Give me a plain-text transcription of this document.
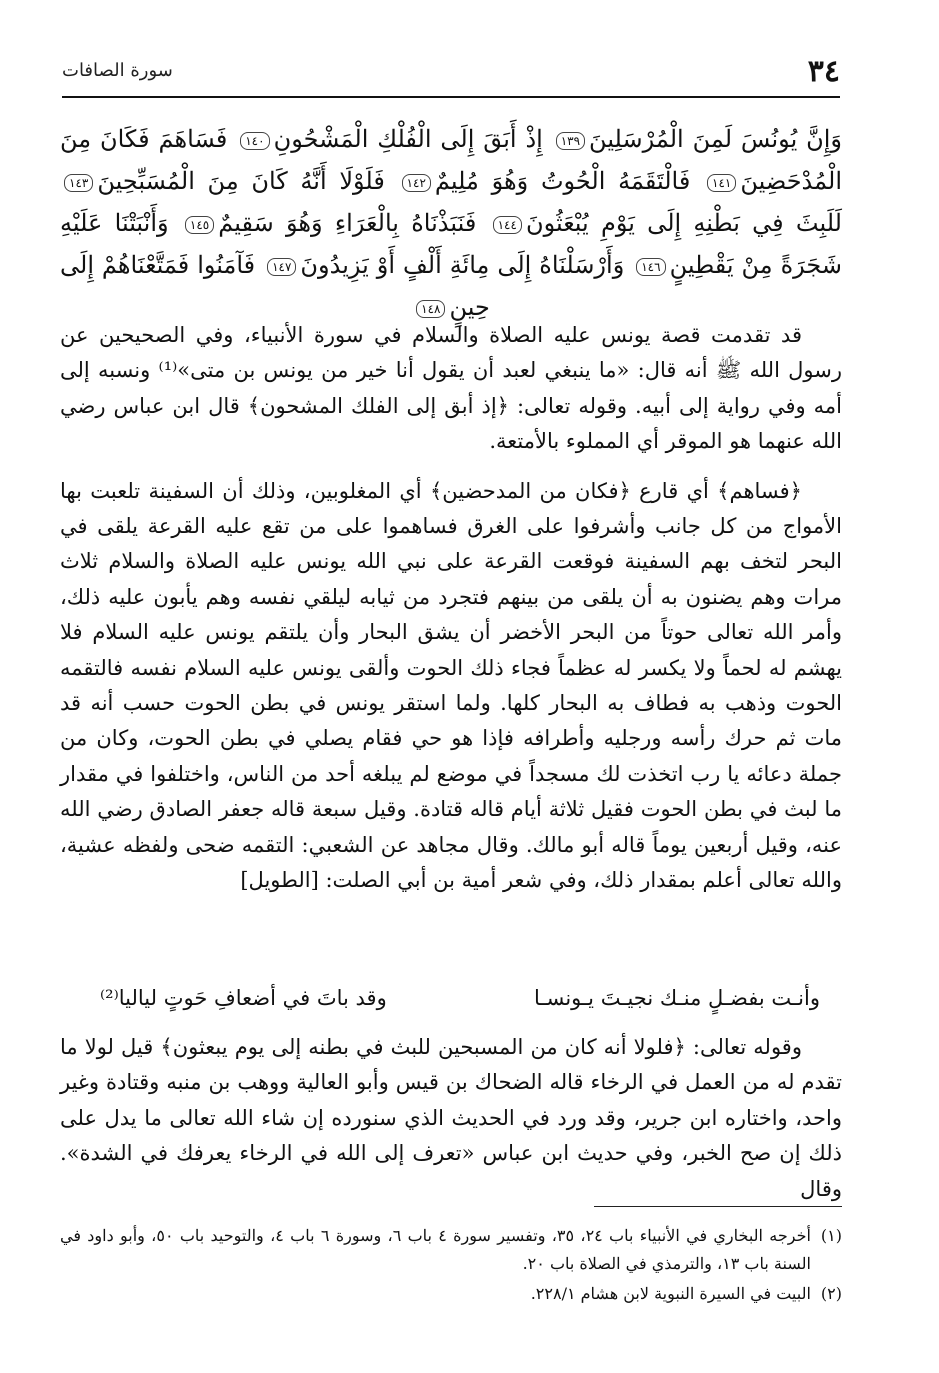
٣٤
سورة الصافات
وَإِنَّ يُونُسَ لَمِنَ الْمُرْسَلِينَ١٣٩ إِذْ أَبَقَ إِلَى الْفُلْكِ الْمَشْحُونِ١٤٠ فَسَاهَمَ فَكَانَ مِنَ الْمُدْحَضِينَ١٤١ فَالْتَقَمَهُ الْحُوتُ وَهُوَ مُلِيمٌ١٤٢ فَلَوْلَا أَنَّهُ كَانَ مِنَ الْمُسَبِّحِينَ١٤٣ لَلَبِثَ فِي بَطْنِهِ إِلَى يَوْمِ يُبْعَثُونَ١٤٤ فَنَبَذْنَاهُ بِالْعَرَاءِ وَهُوَ سَقِيمٌ١٤٥ وَأَنْبَتْنَا عَلَيْهِ شَجَرَةً مِنْ يَقْطِينٍ١٤٦ وَأَرْسَلْنَاهُ إِلَى مِائَةِ أَلْفٍ أَوْ يَزِيدُونَ١٤٧ فَآمَنُوا فَمَتَّعْنَاهُمْ إِلَى حِينٍ١٤٨

قد تقدمت قصة يونس عليه الصلاة والسلام في سورة الأنبياء، وفي الصحيحين عن رسول الله ﷺ أنه قال: «ما ينبغي لعبد أن يقول أنا خير من يونس بن متى»⁽¹⁾ ونسبه إلى أمه وفي رواية إلى أبيه. وقوله تعالى: ﴿إذ أبق إلى الفلك المشحون﴾ قال ابن عباس رضي الله عنهما هو الموقر أي المملوء بالأمتعة.

﴿فساهم﴾ أي قارع ﴿فكان من المدحضين﴾ أي المغلوبين، وذلك أن السفينة تلعبت بها الأمواج من كل جانب وأشرفوا على الغرق فساهموا على من تقع عليه القرعة يلقى في البحر لتخف بهم السفينة فوقعت القرعة على نبي الله يونس عليه الصلاة والسلام ثلاث مرات وهم يضنون به أن يلقى من بينهم فتجرد من ثيابه ليلقي نفسه وهم يأبون عليه ذلك، وأمر الله تعالى حوتاً من البحر الأخضر أن يشق البحار وأن يلتقم يونس عليه السلام فلا يهشم له لحماً ولا يكسر له عظماً فجاء ذلك الحوت وألقى يونس عليه السلام نفسه فالتقمه الحوت وذهب به فطاف به البحار كلها. ولما استقر يونس في بطن الحوت حسب أنه قد مات ثم حرك رأسه ورجليه وأطرافه فإذا هو حي فقام يصلي في بطن الحوت، وكان من جملة دعائه يا رب اتخذت لك مسجداً في موضع لم يبلغه أحد من الناس، واختلفوا في مقدار ما لبث في بطن الحوت فقيل ثلاثة أيام قاله قتادة. وقيل سبعة قاله جعفر الصادق رضي الله عنه، وقيل أربعين يوماً قاله أبو مالك. وقال مجاهد عن الشعبي: التقمه ضحى ولفظه عشية، والله تعالى أعلم بمقدار ذلك، وفي شعر أمية بن أبي الصلت: [الطويل]

وأنـت بفضـلٍ منـك نجيـتَ يـونسـا
وقد باتَ في أضعافِ حَوتٍ لياليا⁽²⁾

وقوله تعالى: ﴿فلولا أنه كان من المسبحين للبث في بطنه إلى يوم يبعثون﴾ قيل لولا ما تقدم له من العمل في الرخاء قاله الضحاك بن قيس وأبو العالية ووهب بن منبه وقتادة وغير واحد، واختاره ابن جرير، وقد ورد في الحديث الذي سنورده إن شاء الله تعالى ما يدل على ذلك إن صح الخبر، وفي حديث ابن عباس «تعرف إلى الله في الرخاء يعرفك في الشدة». وقال

(١)
أخرجه البخاري في الأنبياء باب ٢٤، ٣٥، وتفسير سورة ٤ باب ٦، وسورة ٦ باب ٤، والتوحيد باب ٥٠، وأبو داود في السنة باب ١٣، والترمذي في الصلاة باب ٢٠.
(٢)
البيت في السيرة النبوية لابن هشام ٢٢٨/١.
